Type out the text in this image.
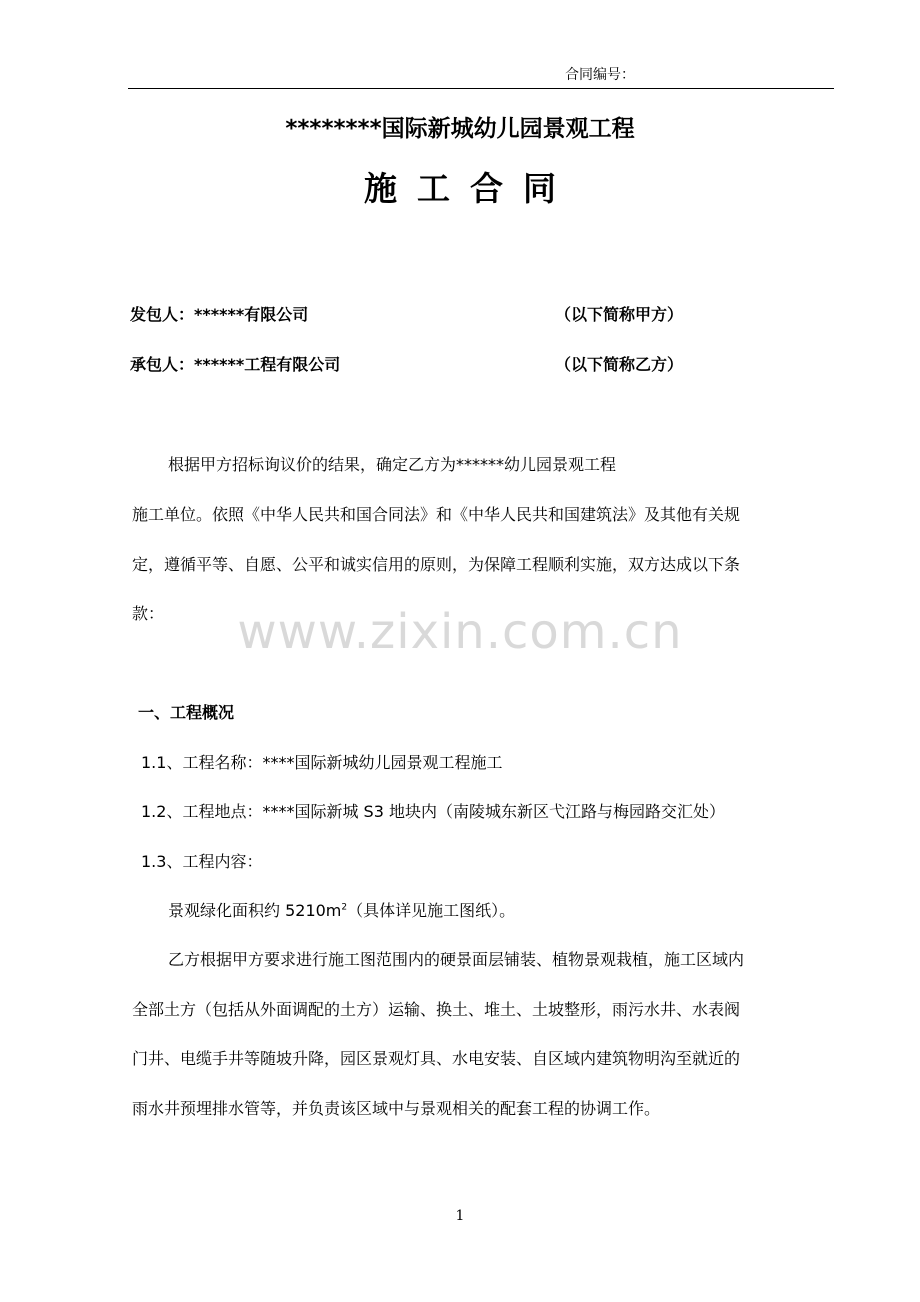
合同编号：
********国际新城幼儿园景观工程
施工合同
发包人：******有限公司	（以下简称甲方）
承包人：******工程有限公司	（以下简称乙方）
根据甲方招标询议价的结果，确定乙方为******幼儿园景观工程
施工单位。依照《中华人民共和国合同法》和《中华人民共和国建筑法》及其他有关规
定，遵循平等、自愿、公平和诚实信用的原则，为保障工程顺利实施，双方达成以下条
款：	www.zixin.com.cn
一、工程概况
1.1、工程名称：****国际新城幼儿园景观工程施工
1.2、工程地点：****国际新城 S3 地块内（南陵城东新区弋江路与梅园路交汇处）
1.3、工程内容：
景观绿化面积约 $5210m^2$（具体详见施工图纸）。
乙方根据甲方要求进行施工图范围内的硬景面层铺装、植物景观栽植，施工区域内
全部土方（包括从外面调配的土方）运输、换土、堆土、土坡整形，雨污水井、水表阀
门井、电缆手井等随坡升降，园区景观灯具、水电安装、自区域内建筑物明沟至就近的
雨水井预埋排水管等，并负责该区域中与景观相关的配套工程的协调工作。
1
